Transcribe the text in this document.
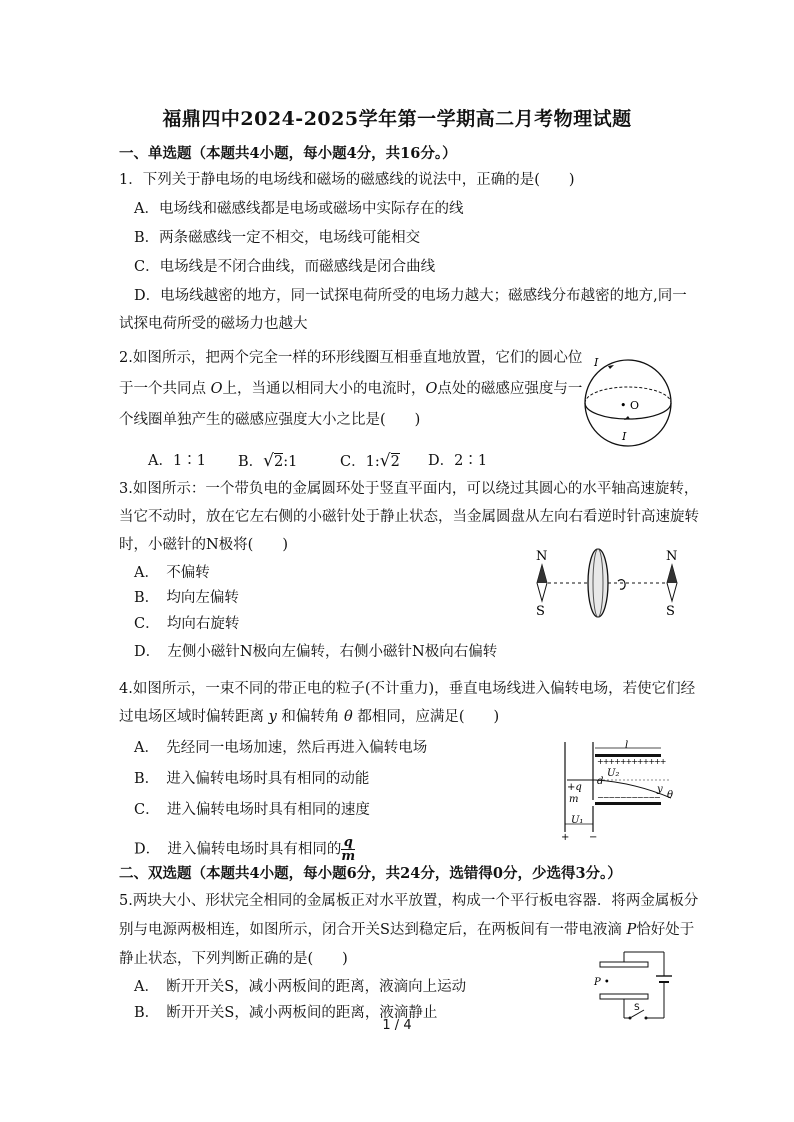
福鼎四中2024-2025学年第一学期高二月考物理试题
一、单选题（本题共4小题，每小题4分，共16分。）
1．下列关于静电场的电场线和磁场的磁感线的说法中，正确的是(　　)
A．电场线和磁感线都是电场或磁场中实际存在的线
B．两条磁感线一定不相交，电场线可能相交
C．电场线是不闭合曲线，而磁感线是闭合曲线
D．电场线越密的地方，同一试探电荷所受的电场力越大；磁感线分布越密的地方,同一
试探电荷所受的磁场力也越大
2.如图所示，把两个完全一样的环形线圈互相垂直地放置，它们的圆心位
于一个共同点 O上，当通以相同大小的电流时，O点处的磁感应强度与一
个线圈单独产生的磁感应强度大小之比是(　　)
A．1∶1 B．√2:1	C．1:√2 D．2∶1
I
• O
I
3.如图所示：一个带负电的金属圆环处于竖直平面内，可以绕过其圆心的水平轴高速旋转，
当它不动时，放在它左右侧的小磁针处于静止状态，当金属圆盘从左向右看逆时针高速旋转
时，小磁针的N极将(　　)
A．　不偏转
B．　均向左偏转
C．　均向右旋转
D．　左侧小磁针N极向左偏转，右侧小磁针N极向右偏转
N
S
N
S
4.如图所示，一束不同的带正电的粒子(不计重力)，垂直电场线进入偏转电场，若使它们经
过电场区域时偏转距离 y 和偏转角 θ 都相同，应满足(　　)
A．　先经同一电场加速，然后再进入偏转电场
B．　进入偏转电场时具有相同的动能
C．　进入偏转电场时具有相同的速度
D．　进入偏转电场时具有相同的 $\frac{q}{m}$
l
++++++++++++
−−−−−−−−−−−
d
U₂
+q
m
y
θ
U₁
+ −
二、双选题（本题共4小题，每小题6分，共24分，选错得0分，少选得3分。）
5.两块大小、形状完全相同的金属板正对水平放置，构成一个平行板电容器．将两金属板分
别与电源两极相连，如图所示，闭合开关S达到稳定后，在两板间有一带电液滴 P恰好处于
静止状态，下列判断正确的是(　　)
A．　断开开关S，减小两板间的距离，液滴向上运动
B．　断开开关S，减小两板间的距离，液滴静止	S
P •
1 / 4
